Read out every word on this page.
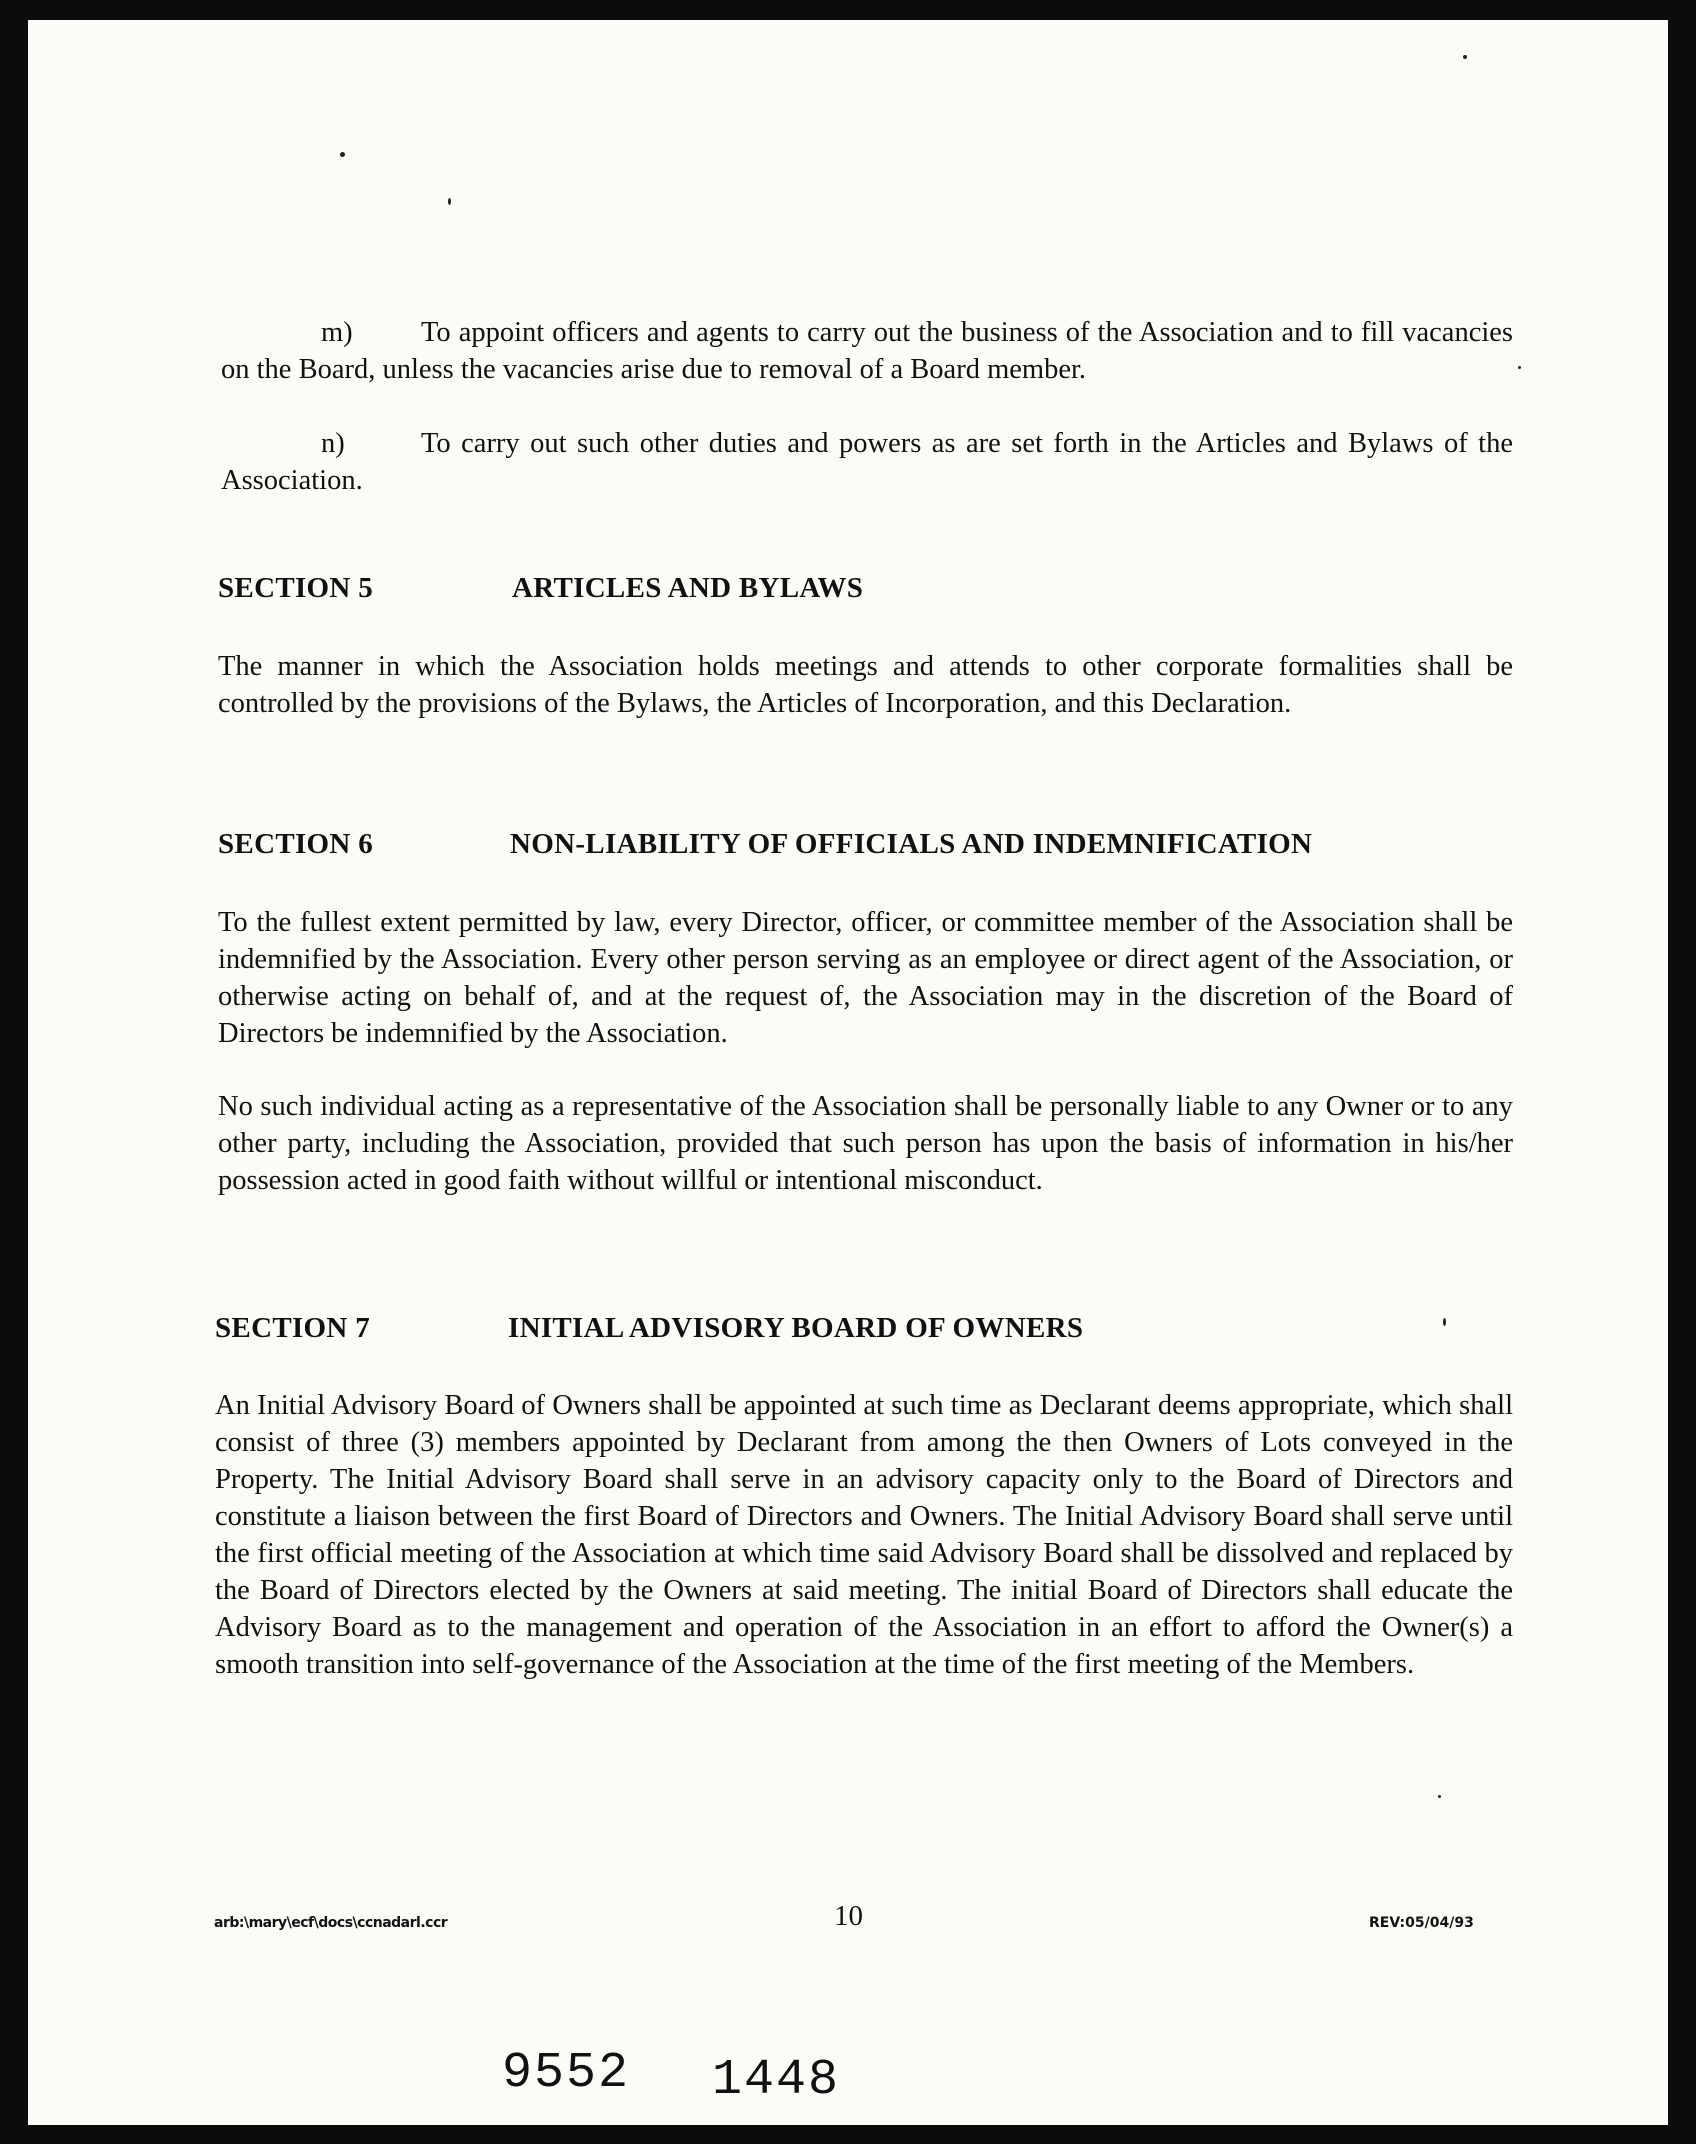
m) To appoint officers and agents to carry out the business of the Association and to fill vacancies on the Board, unless the vacancies arise due to removal of a Board member.
n)	To carry out such other duties and powers as are set forth in the Articles and Bylaws of the Association.
SECTION 5	ARTICLES AND BYLAWS
The manner in which the Association holds meetings and attends to other corporate formalities shall be controlled by the provisions of the Bylaws, the Articles of Incorporation, and this Declaration.
SECTION 6	NON-LIABILITY OF OFFICIALS AND INDEMNIFICATION
To the fullest extent permitted by law, every Director, officer, or committee member of the Association shall be indemnified by the Association. Every other person serving as an employee or direct agent of the Association, or otherwise acting on behalf of, and at the request of, the Association may in the discretion of the Board of Directors be indemnified by the Association.
No such individual acting as a representative of the Association shall be personally liable to any Owner or to any other party, including the Association, provided that such person has upon the basis of information in his/her possession acted in good faith without willful or intentional misconduct.
SECTION 7	INITIAL ADVISORY BOARD OF OWNERS
An Initial Advisory Board of Owners shall be appointed at such time as Declarant deems appropriate, which shall consist of three (3) members appointed by Declarant from among the then Owners of Lots conveyed in the Property. The Initial Advisory Board shall serve in an advisory capacity only to the Board of Directors and constitute a liaison between the first Board of Directors and Owners. The Initial Advisory Board shall serve until the first official meeting of the Association at which time said Advisory Board shall be dissolved and replaced by the Board of Directors elected by the Owners at said meeting. The initial Board of Directors shall educate the Advisory Board as to the management and operation of the Association in an effort to afford the Owner(s) a smooth transition into self-governance of the Association at the time of the first meeting of the Members.
arb:\mary\ecf\docs\ccnadarl.ccr	10	REV:05/04/93
9552 1448
